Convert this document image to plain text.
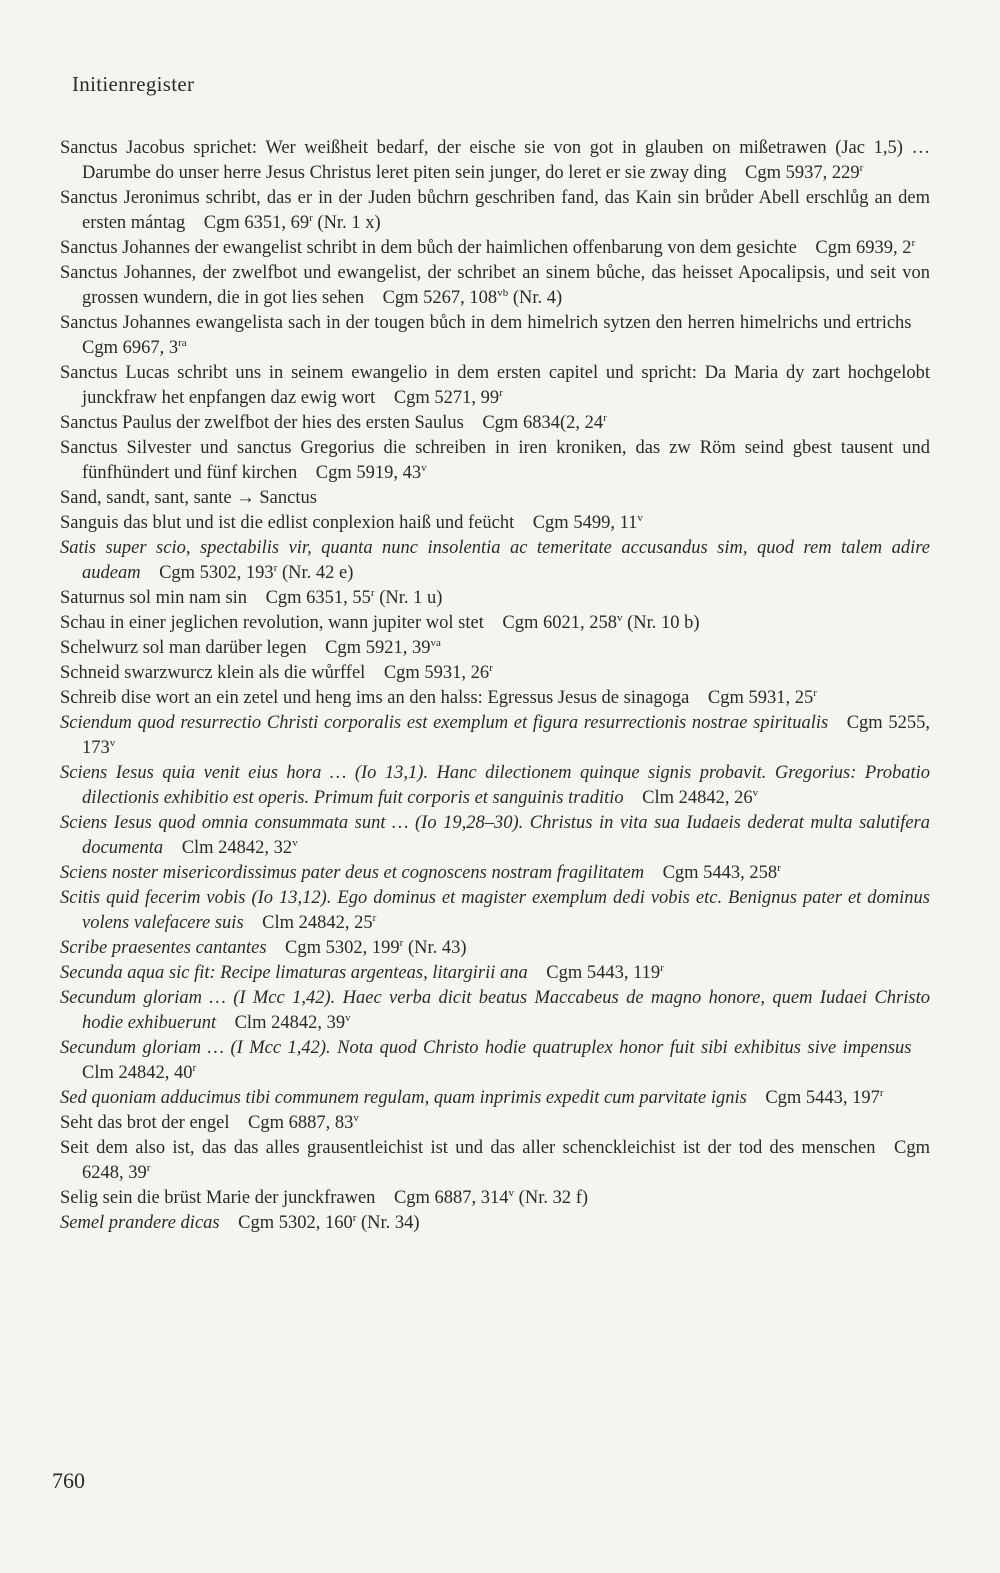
Initienregister
Sanctus Jacobus sprichet: Wer weißheit bedarf, der eische sie von got in glauben on mißetrawen (Jac 1,5) … Darumbe do unser herre Jesus Christus leret piten sein junger, do leret er sie zway ding  Cgm 5937, 229$^r$
Sanctus Jeronimus schribt, das er in der Juden bůchrn geschriben fand, das Kain sin brůder Abell erschlůg an dem ersten mántag  Cgm 6351, 69$^r$ (Nr. 1 x)
Sanctus Johannes der ewangelist schribt in dem bůch der haimlichen offenbarung von dem gesichte  Cgm 6939, 2$^r$
Sanctus Johannes, der zwelfbot und ewangelist, der schribet an sinem bůche, das heisset Apocalipsis, und seit von grossen wundern, die in got lies sehen  Cgm 5267, $108^{vb}$ (Nr. 4)
Sanctus Johannes ewangelista sach in der tougen bůch in dem himelrich sytzen den herren himelrichs und ertrichs Cgm 6967, $3^{ra}$
Sanctus Lucas schribt uns in seinem ewangelio in dem ersten capitel und spricht: Da Maria dy zart hochgelobt junckfraw het enpfangen daz ewig wort  Cgm 5271, 99$^r$
Sanctus Paulus der zwelfbot der hies des ersten Saulus  Cgm 6834(2, 24$^r$
Sanctus Silvester und sanctus Gregorius die schreiben in iren kroniken, das zw Röm seind gbest tausent und fünfhündert und fünf kirchen  Cgm 5919, 43$^v$
Sand, sandt, sant, sante → Sanctus
Sanguis das blut und ist die edlist conplexion haiß und feücht  Cgm 5499, 11$^v$
Satis super scio, spectabilis vir, quanta nunc insolentia ac temeritate accusandus sim, quod rem talem adire audeam  Cgm 5302, 193$^r$ (Nr. 42 e)
Saturnus sol min nam sin  Cgm 6351, 55$^r$ (Nr. 1 u)
Schau in einer jeglichen revolution, wann jupiter wol stet  Cgm 6021, 258$^v$ (Nr. 10 b)
Schelwurz sol man darüber legen  Cgm 5921, $39^{va}$
Schneid swarzwurcz klein als die wůrffel  Cgm 5931, 26$^r$
Schreib dise wort an ein zetel und heng ims an den halss: Egressus Jesus de sinagoga  Cgm 5931, 25$^r$
Sciendum quod resurrectio Christi corporalis est exemplum et figura resurrectionis nostrae spiritualis  Cgm 5255, 173$^v$
Sciens Iesus quia venit eius hora … (Io 13,1). Hanc dilectionem quinque signis probavit. Gregorius: Probatio dilectionis exhibitio est operis. Primum fuit corporis et sanguinis traditio  Clm 24842, 26$^v$
Sciens Iesus quod omnia consummata sunt … (Io 19,28–30). Christus in vita sua Iudaeis dederat multa salutifera documenta  Clm 24842, 32$^v$
Sciens noster misericordissimus pater deus et cognoscens nostram fragilitatem  Cgm 5443, 258$^r$
Scitis quid fecerim vobis (Io 13,12). Ego dominus et magister exemplum dedi vobis etc. Benignus pater et dominus volens valefacere suis  Clm 24842, 25$^r$
Scribe praesentes cantantes  Cgm 5302, 199$^r$ (Nr. 43)
Secunda aqua sic fit: Recipe limaturas argenteas, litargirii ana  Cgm 5443, 119$^r$
Secundum gloriam … (I Mcc 1,42). Haec verba dicit beatus Maccabeus de magno honore, quem Iudaei Christo hodie exhibuerunt  Clm 24842, 39$^v$
Secundum gloriam … (I Mcc 1,42). Nota quod Christo hodie quatruplex honor fuit sibi exhibitus sive impensus Clm 24842, 40$^r$
Sed quoniam adducimus tibi communem regulam, quam inprimis expedit cum parvitate ignis  Cgm 5443, 197$^r$
Seht das brot der engel  Cgm 6887, 83$^v$
Seit dem also ist, das das alles grausentleichist ist und das aller schenckleichist ist der tod des menschen  Cgm 6248, 39$^r$
Selig sein die brüst Marie der junckfrawen  Cgm 6887, 314$^v$ (Nr. 32 f)
Semel prandere dicas  Cgm 5302, 160$^r$ (Nr. 34)
760
